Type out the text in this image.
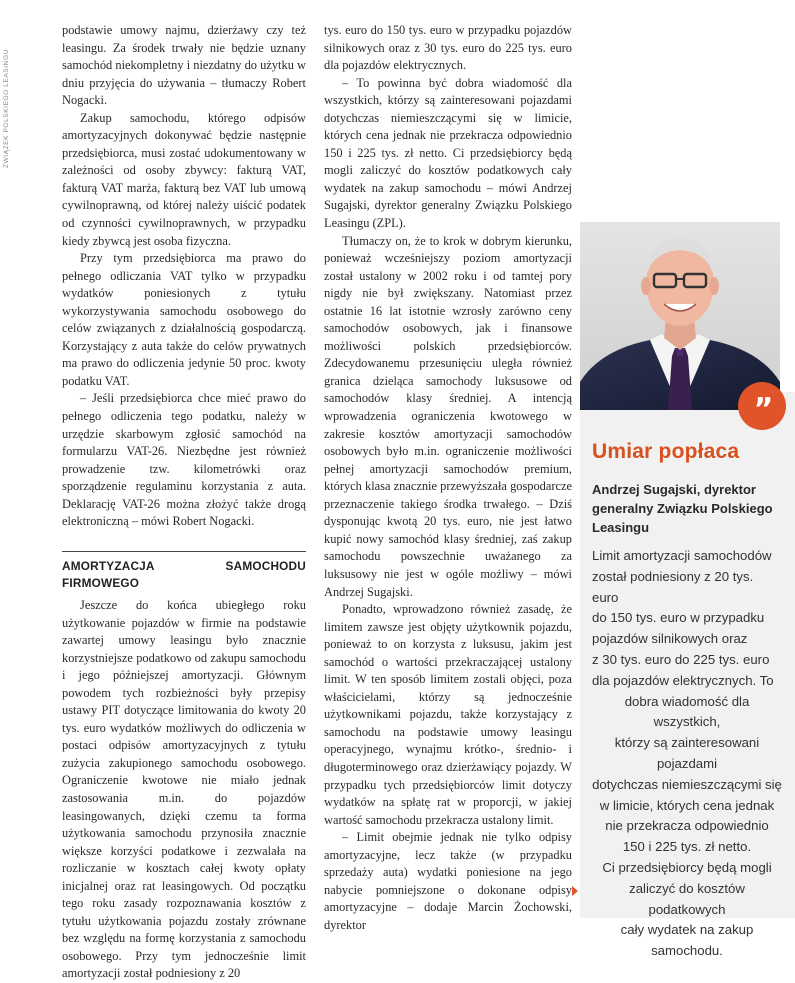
ZWIĄZEK POLSKIEGO LEASINGU

podstawie umowy najmu, dzierżawy czy też leasingu. Za środek trwały nie będzie uznany samochód niekompletny i niezdatny do użytku w dniu przyjęcia do używania – tłumaczy Robert Nogacki.

Zakup samochodu, którego odpisów amortyzacyjnych dokonywać będzie następnie przedsiębiorca, musi zostać udokumentowany w zależności od osoby zbywcy: fakturą VAT, fakturą VAT marża, fakturą bez VAT lub umową cywilnoprawną, od której należy uiścić podatek od czynności cywilnoprawnych, w przypadku kiedy zbywcą jest osoba fizyczna.

Przy tym przedsiębiorca ma prawo do pełnego odliczania VAT tylko w przypadku wydatków poniesionych z tytułu wykorzystywania samochodu osobowego do celów związanych z działalnością gospodarczą. Korzystający z auta także do celów prywatnych ma prawo do odliczenia jedynie 50 proc. kwoty podatku VAT.

– Jeśli przedsiębiorca chce mieć prawo do pełnego odliczenia tego podatku, należy w urzędzie skarbowym zgłosić samochód na formularzu VAT-26. Niezbędne jest również prowadzenie tzw. kilometrówki oraz sporządzenie regulaminu korzystania z auta. Deklarację VAT-26 można złożyć także drogą elektroniczną – mówi Robert Nogacki.

AMORTYZACJA SAMOCHODU FIRMOWEGO

Jeszcze do końca ubiegłego roku użytkowanie pojazdów w firmie na podstawie zawartej umowy leasingu było znacznie korzystniejsze podatkowo od zakupu samochodu i jego późniejszej amortyzacji. Głównym powodem tych rozbieżności były przepisy ustawy PIT dotyczące limitowania do kwoty 20 tys. euro wydatków możliwych do odliczenia w postaci odpisów amortyzacyjnych z tytułu zużycia zakupionego samochodu osobowego. Ograniczenie kwotowe nie miało jednak zastosowania m.in. do pojazdów leasingowanych, dzięki czemu ta forma użytkowania samochodu przynosiła znacznie większe korzyści podatkowe i zezwalała na rozliczanie w kosztach całej kwoty opłaty inicjalnej oraz rat leasingowych. Od początku tego roku zasady rozpoznawania kosztów z tytułu użytkowania pojazdu zostały zrównane bez względu na formę korzystania z samochodu osobowego. Przy tym jednocześnie limit amortyzacji został podniesiony z 20

tys. euro do 150 tys. euro w przypadku pojazdów silnikowych oraz z 30 tys. euro do 225 tys. euro dla pojazdów elektrycznych.

– To powinna być dobra wiadomość dla wszystkich, którzy są zainteresowani pojazdami dotychczas niemieszczącymi się w limicie, których cena jednak nie przekracza odpowiednio 150 i 225 tys. zł netto. Ci przedsiębiorcy będą mogli zaliczyć do kosztów podatkowych cały wydatek na zakup samochodu – mówi Andrzej Sugajski, dyrektor generalny Związku Polskiego Leasingu (ZPL).

Tłumaczy on, że to krok w dobrym kierunku, ponieważ wcześniejszy poziom amortyzacji został ustalony w 2002 roku i od tamtej pory nigdy nie był zwiększany. Natomiast przez ostatnie 16 lat istotnie wzrosły zarówno ceny samochodów osobowych, jak i finansowe możliwości polskich przedsiębiorców. Zdecydowanemu przesunięciu uległa również granica dzieląca samochody luksusowe od samochodów klasy średniej. A intencją wprowadzenia ograniczenia kwotowego w zakresie kosztów amortyzacji samochodów osobowych było m.in. ograniczenie możliwości pełnej amortyzacji samochodów premium, których klasa znacznie przewyższała gospodarcze przeznaczenie takiego środka trwałego. – Dziś dysponując kwotą 20 tys. euro, nie jest łatwo kupić nowy samochód klasy średniej, zaś zakup samochodu powszechnie uważanego za luksusowy nie jest w ogóle możliwy – mówi Andrzej Sugajski.

Ponadto, wprowadzono również zasadę, że limitem zawsze jest objęty użytkownik pojazdu, ponieważ to on korzysta z luksusu, jakim jest samochód o wartości przekraczającej ustalony limit. W ten sposób limitem zostali objęci, poza właścicielami, którzy są jednocześnie użytkownikami pojazdu, także korzystający z samochodu na podstawie umowy leasingu operacyjnego, wynajmu krótko-, średnio- i długoterminowego oraz dzierżawiący pojazdy. W przypadku tych przedsiębiorców limit dotyczy wydatków na spłatę rat w proporcji, w jakiej wartość samochodu przekracza ustalony limit.

– Limit obejmie jednak nie tylko odpisy amortyzacyjne, lecz także (w przypadku sprzedaży auta) wydatki poniesione na jego nabycie pomniejszone o dokonane odpisy amortyzacyjne – dodaje Marcin Żochowski, dyrektor

”
Umiar popłaca
Andrzej Sugajski, dyrektor generalny Związku Polskiego Leasingu

Limit amortyzacji samochodów

został podniesiony z 20 tys. euro

do 150 tys. euro w przypadku

pojazdów silnikowych oraz

z 30 tys. euro do 225 tys. euro

dla pojazdów elektrycznych. To

dobra wiadomość dla wszystkich,

którzy są zainteresowani pojazdami

dotychczas niemieszczącymi się

w limicie, których cena jednak

nie przekracza odpowiednio

150 i 225 tys. zł netto.

Ci przedsiębiorcy będą mogli

zaliczyć do kosztów podatkowych

cały wydatek na zakup

samochodu.
